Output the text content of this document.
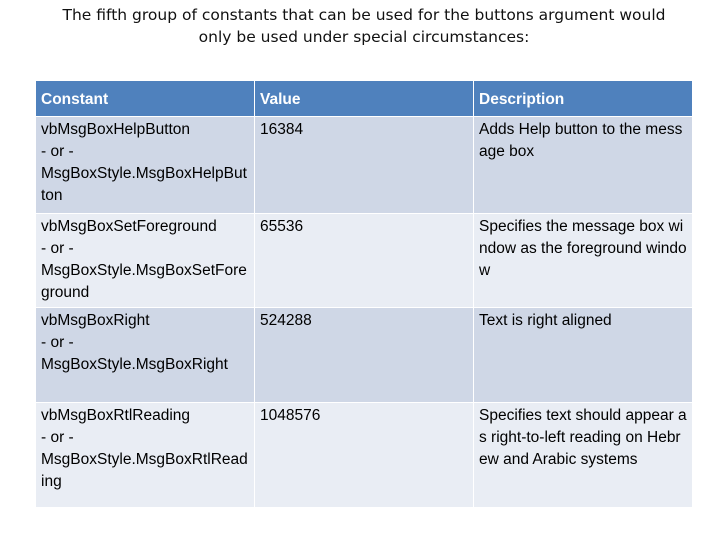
The fifth group of constants that can be used for the buttons argument would
only be used under special circumstances:
Constant	Value	Description

vbMsgBoxHelpButton
- or -
MsgBoxStyle.MsgBoxHelpButton	16384	Adds Help button to the message box

vbMsgBoxSetForeground
- or -
MsgBoxStyle.MsgBoxSetForeground	65536	Specifies the message box window as the foreground window

vbMsgBoxRight
- or -
MsgBoxStyle.MsgBoxRight	524288	Text is right aligned

vbMsgBoxRtlReading
- or -
MsgBoxStyle.MsgBoxRtlReading	1048576	Specifies text should appear as right-to-left reading on Hebrew and Arabic systems
